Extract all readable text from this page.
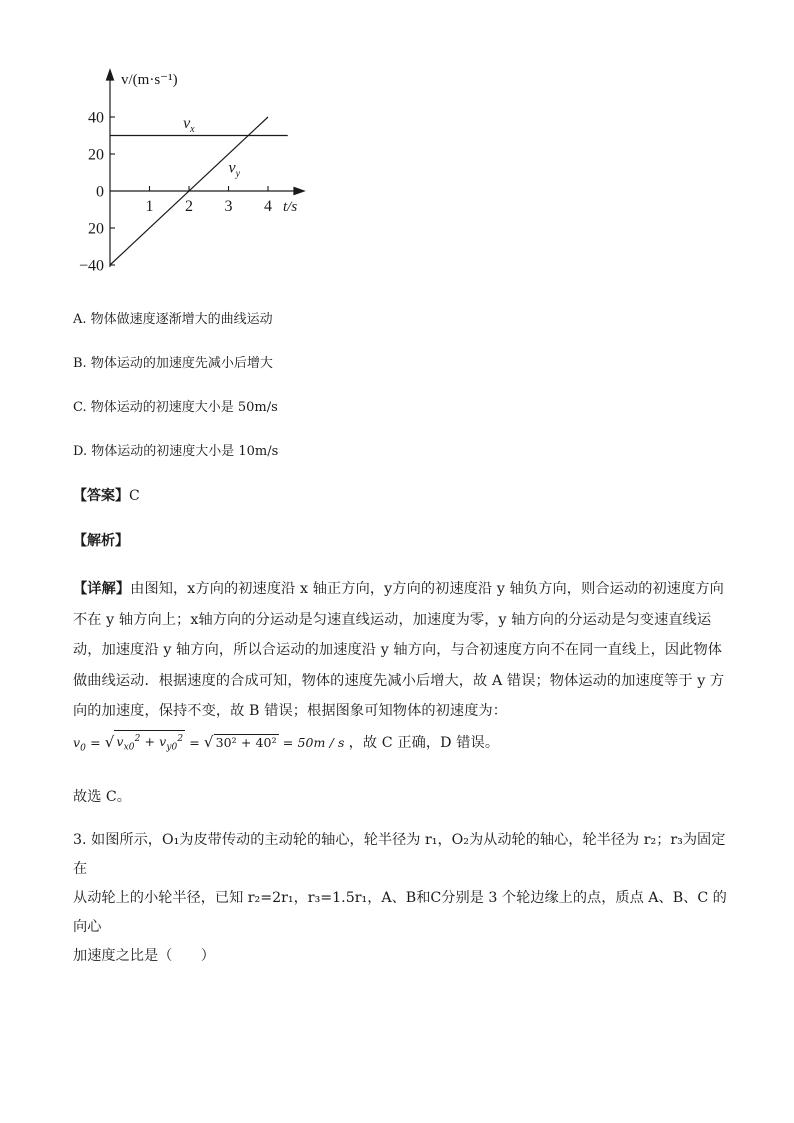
1 2 3 4
40
20
0
20
−40
$v_x$
$v_y$
v/(m·s⁻¹)
t/s
A. 物体做速度逐渐增大的曲线运动
B. 物体运动的加速度先减小后增大
C. 物体运动的初速度大小是 50m/s
D. 物体运动的初速度大小是 10m/s
【答案】C
【解析】

【详解】由图知，x方向的初速度沿 x 轴正方向，y方向的初速度沿 y 轴负方向，则合运动的初速度方向不在 y 轴方向上；x轴方向的分运动是匀速直线运动，加速度为零，y 轴方向的分运动是匀变速直线运动，加速度沿 y 轴方向，所以合运动的加速度沿 y 轴方向，与合初速度方向不在同一直线上，因此物体做曲线运动．根据速度的合成可知，物体的速度先减小后增大，故 A 错误；物体运动的加速度等于 y 方向的加速度，保持不变，故 B 错误；根据图象可知物体的初速度为： $v_0$ = √ $v_{x0}^2 + v_{y0}^2$ = √ 30² + 40² = 50m / s ，故 C 正确，D 错误。

故选 C。

3. 如图所示，O₁为皮带传动的主动轮的轴心，轮半径为 r₁，O₂为从动轮的轴心，轮半径为 r₂；r₃为固定在

从动轮上的小轮半径，已知 r₂=2r₁，r₃=1.5r₁，A、B和C分别是 3 个轮边缘上的点，质点 A、B、C 的向心

加速度之比是（　　）
